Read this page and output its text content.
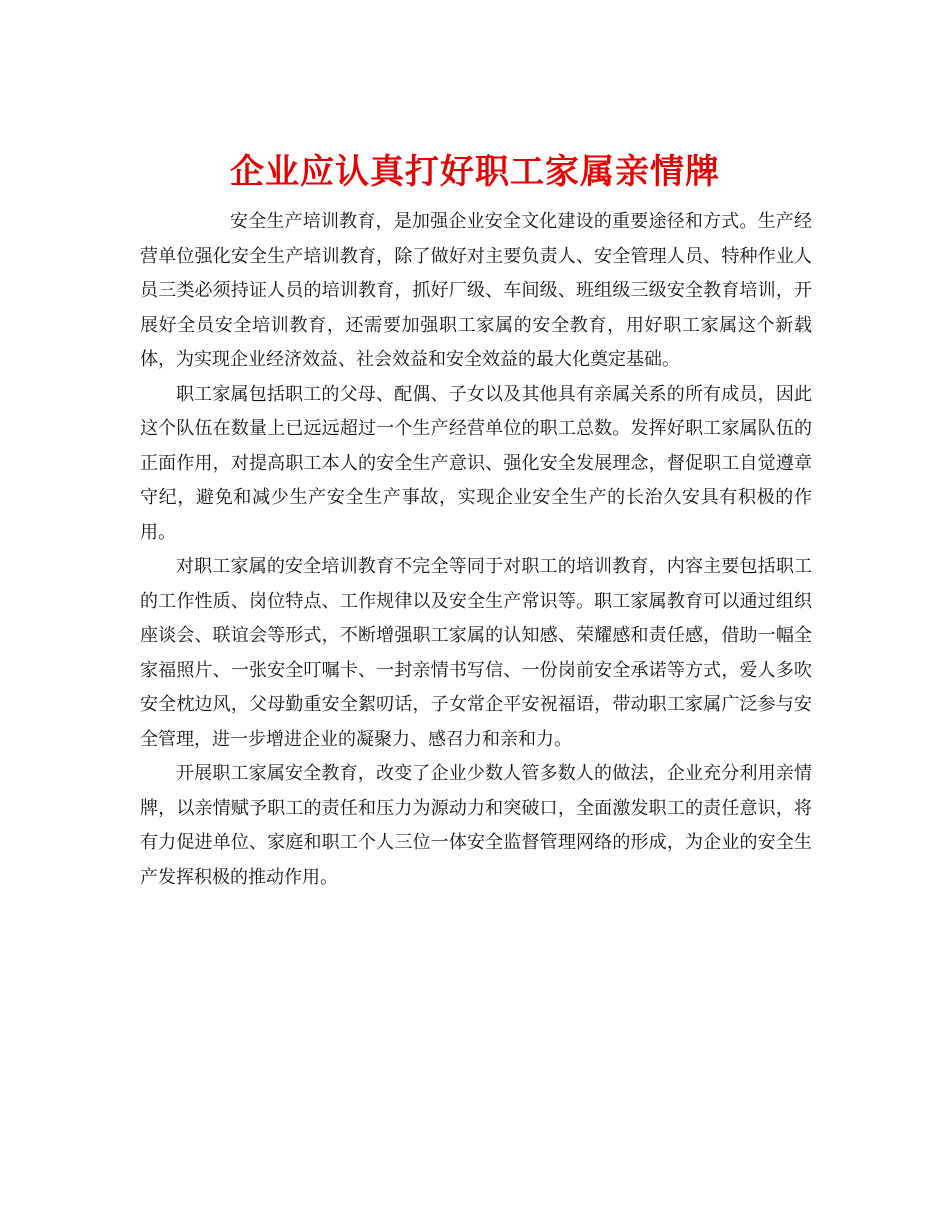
企业应认真打好职工家属亲情牌

安全生产培训教育，是加强企业安全文化建设的重要途径和方式。生产经营单位强化安全生产培训教育，除了做好对主要负责人、安全管理人员、特种作业人员三类必须持证人员的培训教育，抓好厂级、车间级、班组级三级安全教育培训，开展好全员安全培训教育，还需要加强职工家属的安全教育，用好职工家属这个新载体，为实现企业经济效益、社会效益和安全效益的最大化奠定基础。

职工家属包括职工的父母、配偶、子女以及其他具有亲属关系的所有成员，因此这个队伍在数量上已远远超过一个生产经营单位的职工总数。发挥好职工家属队伍的正面作用，对提高职工本人的安全生产意识、强化安全发展理念，督促职工自觉遵章守纪，避免和减少生产安全生产事故，实现企业安全生产的长治久安具有积极的作用。

对职工家属的安全培训教育不完全等同于对职工的培训教育，内容主要包括职工的工作性质、岗位特点、工作规律以及安全生产常识等。职工家属教育可以通过组织座谈会、联谊会等形式，不断增强职工家属的认知感、荣耀感和责任感，借助一幅全家福照片、一张安全叮嘱卡、一封亲情书写信、一份岗前安全承诺等方式，爱人多吹安全枕边风，父母勤重安全絮叨话，子女常企平安祝福语，带动职工家属广泛参与安全管理，进一步增进企业的凝聚力、感召力和亲和力。

开展职工家属安全教育，改变了企业少数人管多数人的做法，企业充分利用亲情牌，以亲情赋予职工的责任和压力为源动力和突破口，全面激发职工的责任意识，将有力促进单位、家庭和职工个人三位一体安全监督管理网络的形成，为企业的安全生产发挥积极的推动作用。
